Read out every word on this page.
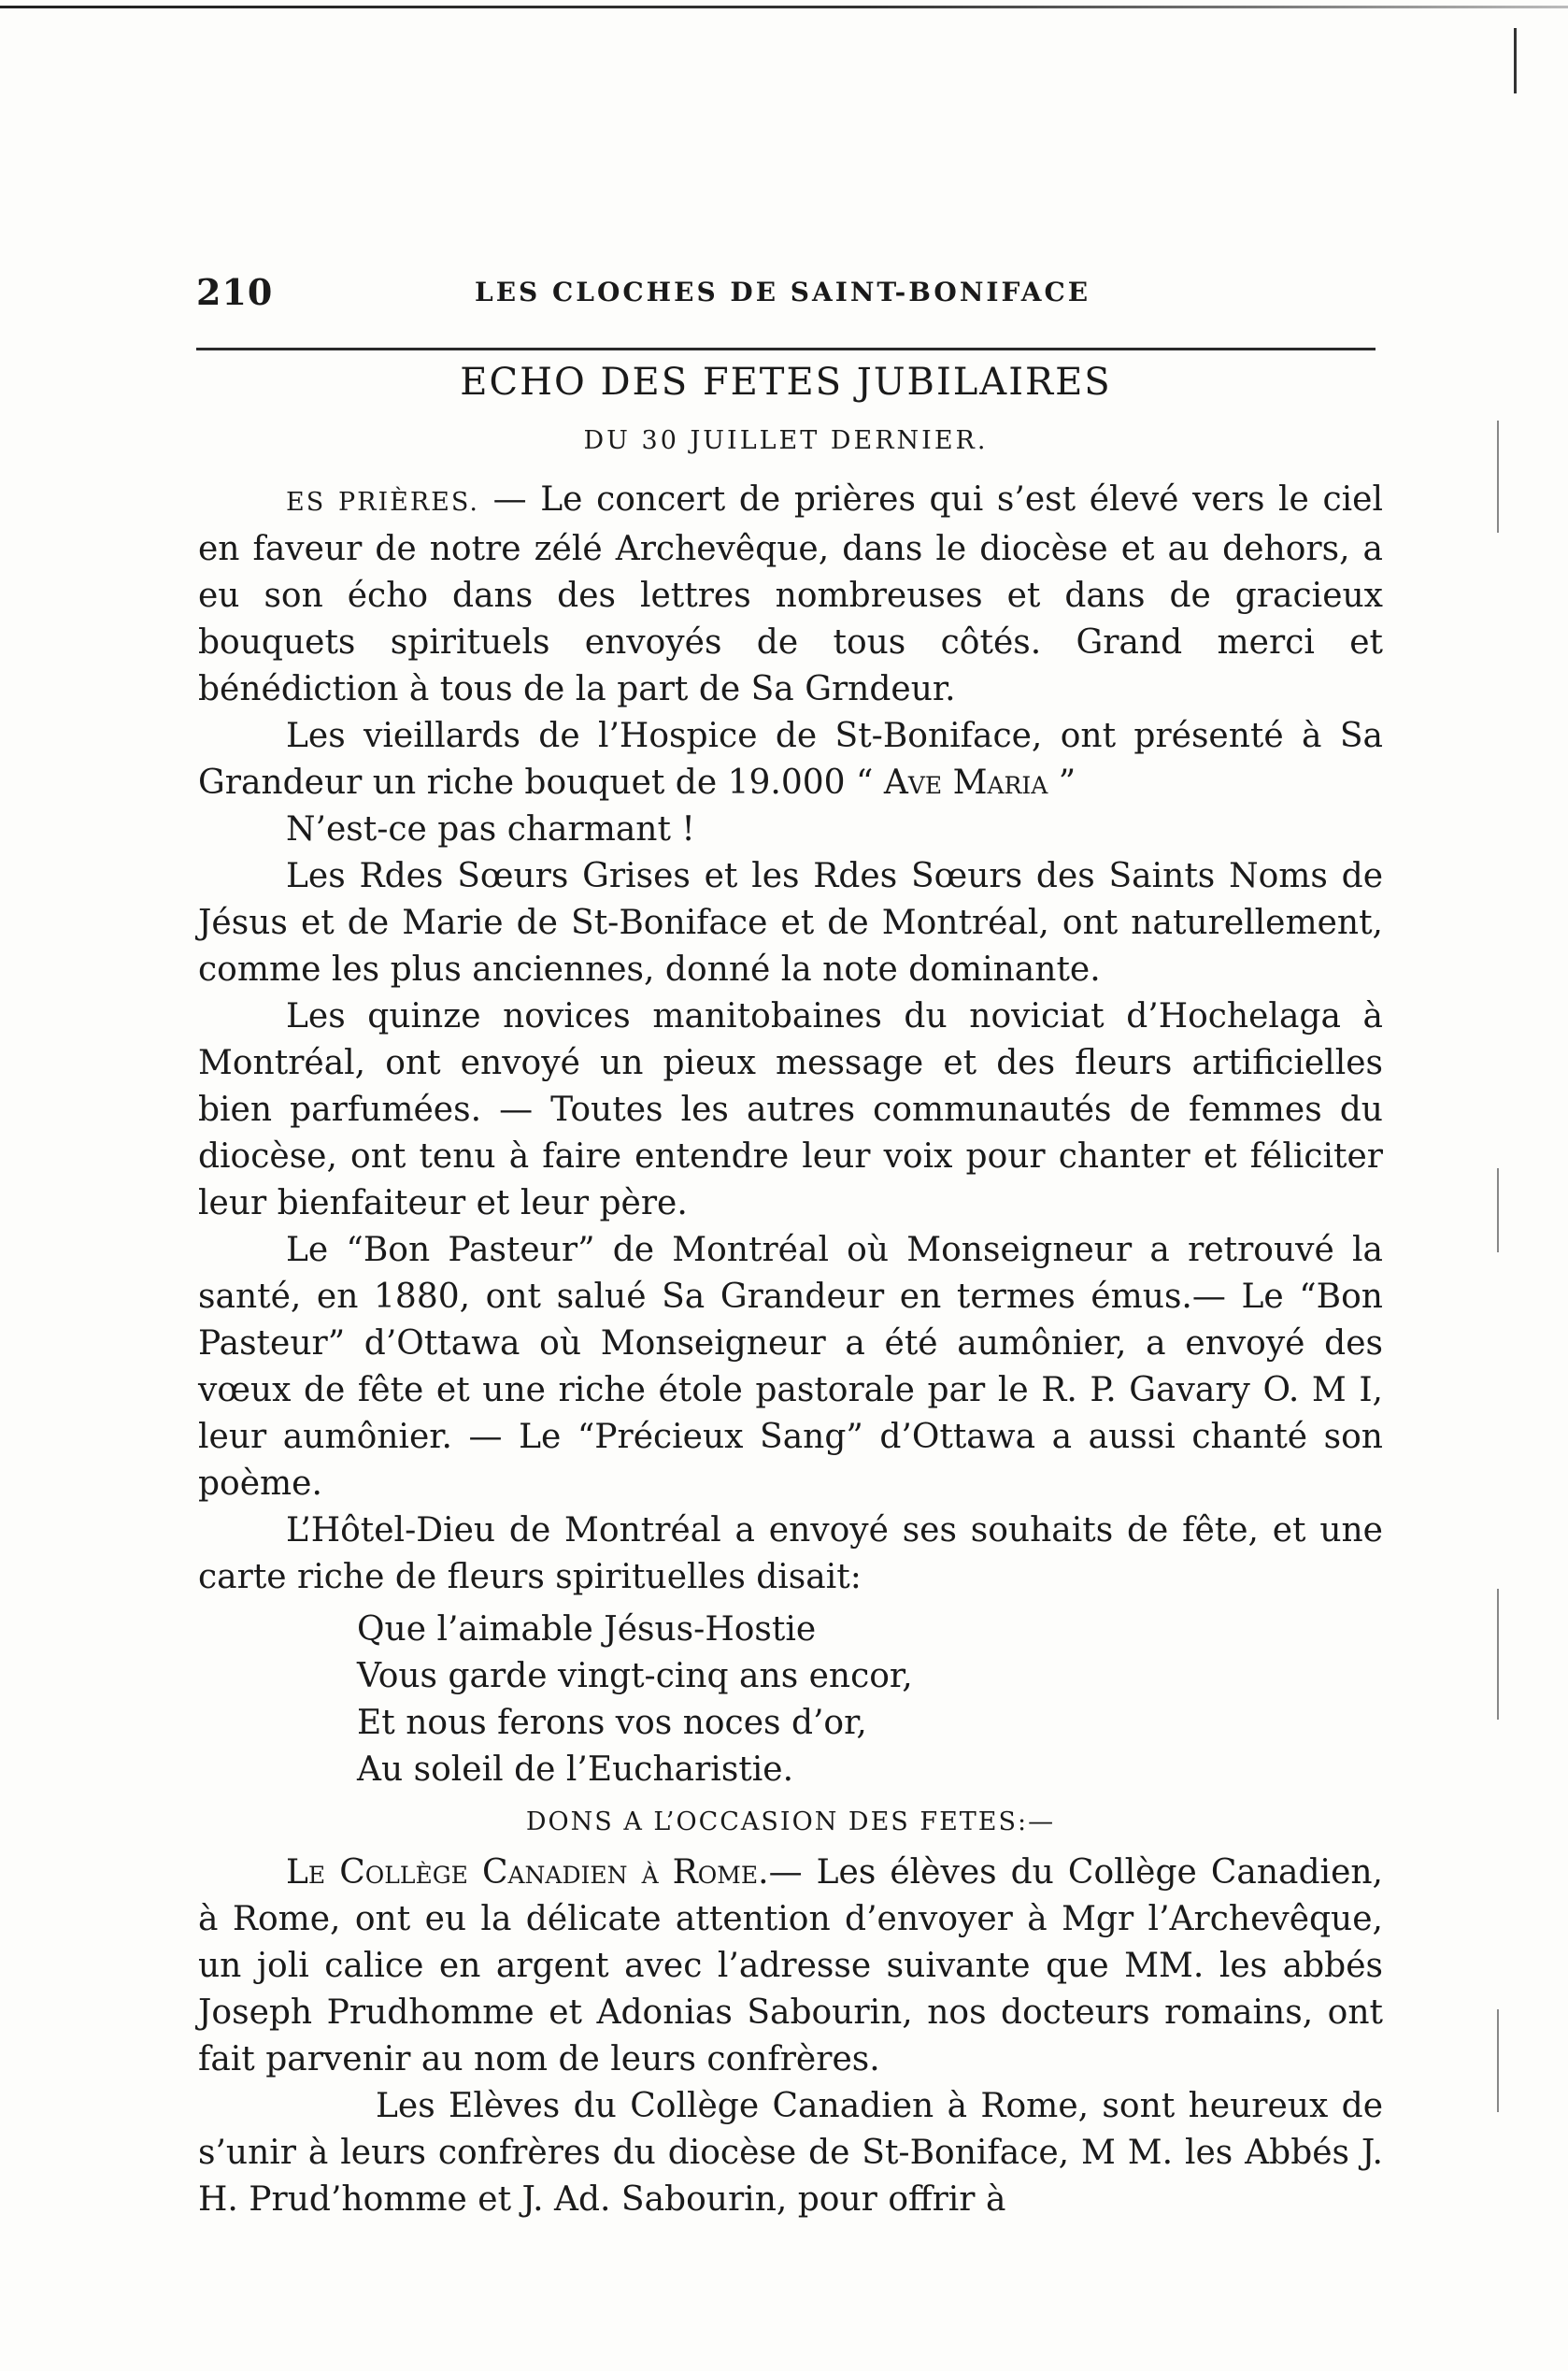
210	LES CLOCHES DE SAINT-BONIFACE
ECHO DES FETES JUBILAIRES
DU 30 JUILLET DERNIER.

ES PRIÈRES. — Le concert de prières qui s’est élevé vers le ciel en faveur de notre zélé Archevêque, dans le diocèse et au dehors, a eu son écho dans des lettres nombreuses et dans de gracieux bouquets spirituels envoyés de tous côtés. Grand merci et bénédiction à tous de la part de Sa Grndeur.

Les vieillards de l’Hospice de St-Boniface, ont présenté à Sa Grandeur un riche bouquet de 19.000 “ Ave Maria ”

N’est-ce pas charmant !

Les Rdes Sœurs Grises et les Rdes Sœurs des Saints Noms de Jésus et de Marie de St-Boniface et de Montréal, ont naturellement, comme les plus anciennes, donné la note dominante.

Les quinze novices manitobaines du noviciat d’Hochelaga à Montréal, ont envoyé un pieux message et des fleurs artificielles bien parfumées. — Toutes les autres communautés de femmes du diocèse, ont tenu à faire entendre leur voix pour chanter et féliciter leur bienfaiteur et leur père.

Le “Bon Pasteur” de Montréal où Monseigneur a retrouvé la santé, en 1880, ont salué Sa Grandeur en termes émus.— Le “Bon Pasteur” d’Ottawa où Monseigneur a été aumônier, a envoyé des vœux de fête et une riche étole pastorale par le R. P. Gavary O. M I, leur aumônier. — Le “Précieux Sang” d’Ottawa a aussi chanté son poème.

L’Hôtel-Dieu de Montréal a envoyé ses souhaits de fête, et une carte riche de fleurs spirituelles disait:

Que l’aimable Jésus-Hostie
Vous garde vingt-cinq ans encor,
Et nous ferons vos noces d’or,
Au soleil de l’Eucharistie.
DONS A L’OCCASION DES FETES:—

Le Collège Canadien à Rome.— Les élèves du Collège Canadien, à Rome, ont eu la délicate attention d’envoyer à Mgr l’Archevêque, un joli calice en argent avec l’adresse suivante que MM. les abbés Joseph Prudhomme et Adonias Sabourin, nos docteurs romains, ont fait parvenir au nom de leurs confrères.

Les Elèves du Collège Canadien à Rome, sont heureux de s’unir à leurs confrères du diocèse de St-Boniface, M M. les Abbés J. H. Prud’homme et J. Ad. Sabourin, pour offrir à
